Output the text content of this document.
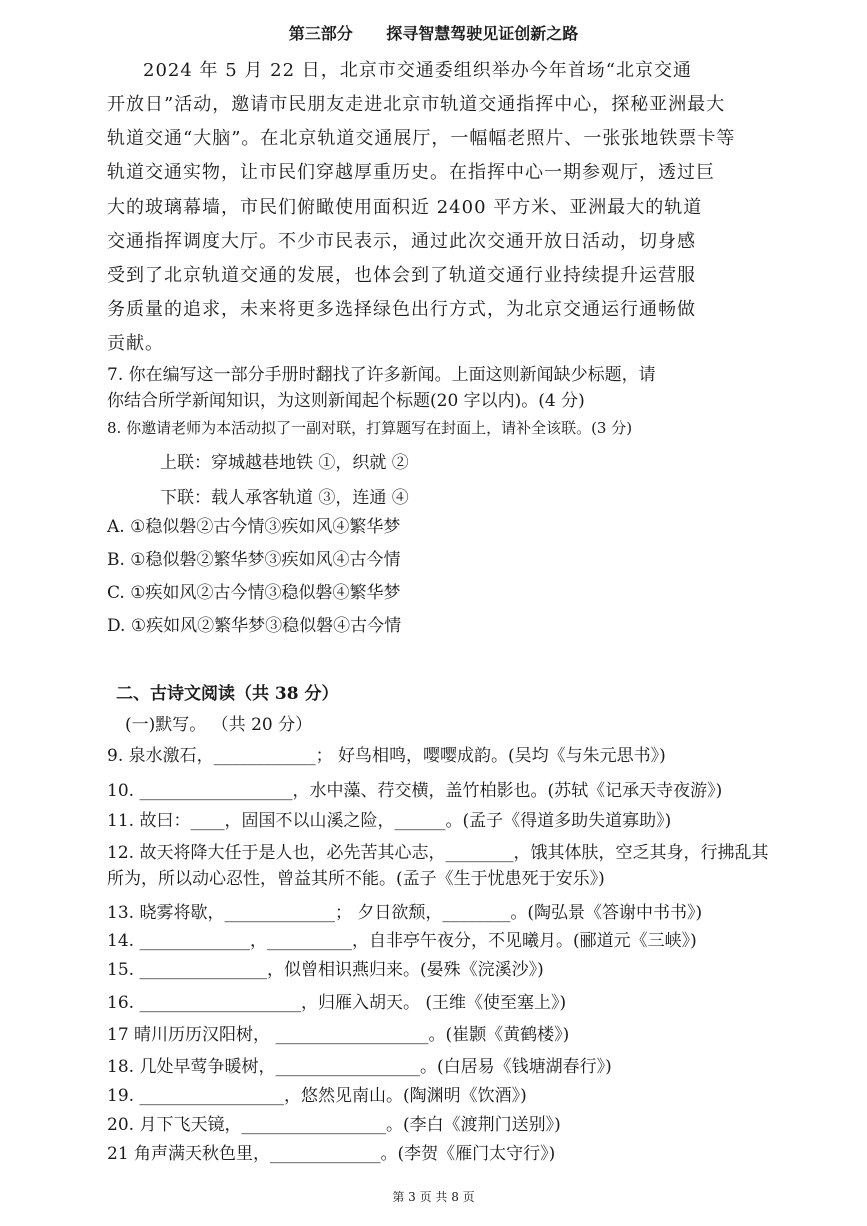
第三部分 探寻智慧驾驶见证创新之路
2024 年 5 月 22 日，北京市交通委组织举办今年首场“北京交通
开放日”活动，邀请市民朋友走进北京市轨道交通指挥中心，探秘亚洲最大
轨道交通“大脑”。在北京轨道交通展厅，一幅幅老照片、一张张地铁票卡等
轨道交通实物，让市民们穿越厚重历史。在指挥中心一期参观厅，透过巨
大的玻璃幕墙，市民们俯瞰使用面积近 2400 平方米、亚洲最大的轨道
交通指挥调度大厅。不少市民表示，通过此次交通开放日活动，切身感
受到了北京轨道交通的发展，也体会到了轨道交通行业持续提升运营服
务质量的追求，未来将更多选择绿色出行方式，为北京交通运行通畅做
贡献。
7. 你在编写这一部分手册时翻找了许多新闻。上面这则新闻缺少标题，请
你结合所学新闻知识，为这则新闻起个标题(20 字以内)。(4 分)
8. 你邀请老师为本活动拟了一副对联，打算题写在封面上，请补全该联。(3 分)
上联：穿城越巷地铁 ①，织就 ②
下联：载人承客轨道 ③，连通 ④
A. ①稳似磐②古今情③疾如风④繁华梦
B. ①稳似磐②繁华梦③疾如风④古今情
C. ①疾如风②古今情③稳似磐④繁华梦
D. ①疾如风②繁华梦③稳似磐④古今情
二、古诗文阅读（共 38 分）
(一)默写。 （共 20 分）
9. 泉水激石，____________； 好鸟相鸣，嘤嘤成韵。(吴均《与朱元思书》)
10. __________________，水中藻、荇交横，盖竹柏影也。(苏轼《记承天寺夜游》)
11. 故曰：____，固国不以山溪之险，______。(孟子《得道多助失道寡助》)
12. 故天将降大任于是人也，必先苦其心志，________，饿其体肤，空乏其身，行拂乱其
所为，所以动心忍性，曾益其所不能。(孟子《生于忧患死于安乐》)
13. 晓雾将歇，_____________； 夕日欲颓，________。(陶弘景《答谢中书书》)
14. _____________，__________，自非亭午夜分，不见曦月。(郦道元《三峡》)
15. _______________，似曾相识燕归来。(晏殊《浣溪沙》)
16. ___________________，归雁入胡天。 (王维《使至塞上》)
17 晴川历历汉阳树， __________________。(崔颢《黄鹤楼》)
18. 几处早莺争暖树，_________________。(白居易《钱塘湖春行》)
19. _________________，悠然见南山。(陶渊明《饮酒》)
20. 月下飞天镜，_________________。(李白《渡荆门送别》)
21 角声满天秋色里，_____________。(李贺《雁门太守行》)
第 3 页 共 8 页
